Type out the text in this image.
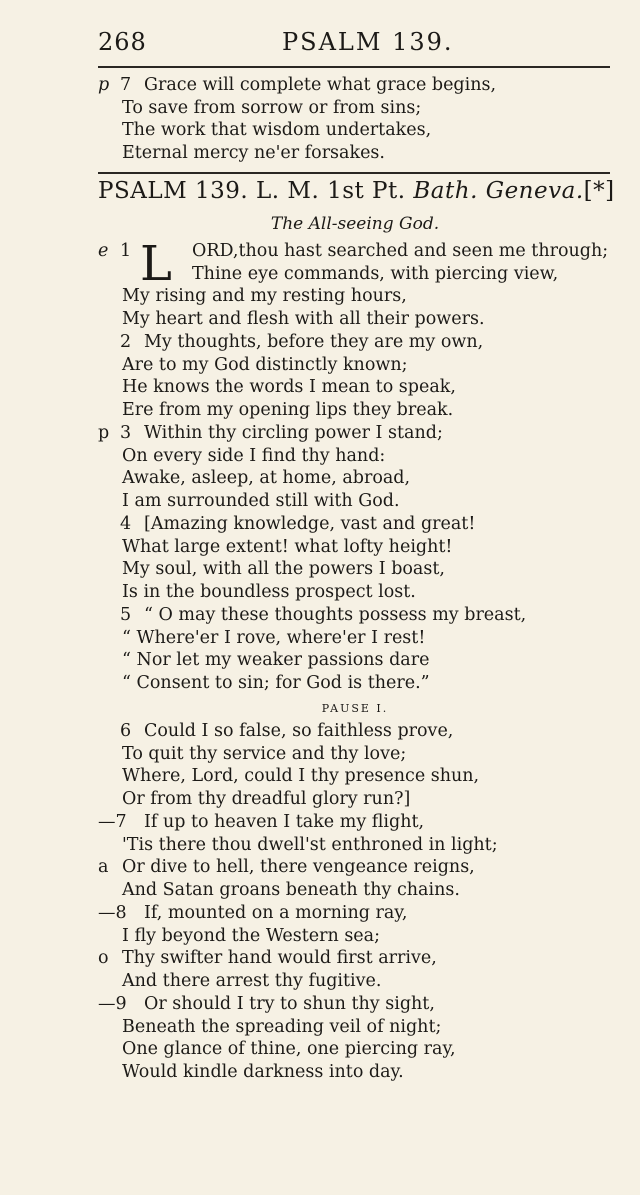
268	PSALM 139.
p 7 Grace will complete what grace begins,
To save from sorrow or from sins;
The work that wisdom undertakes,
Eternal mercy ne'er forsakes.
PSALM 139. L. M. 1st Pt. Bath. Geneva.[*]
The All-seeing God.
e 1	ORD,thou hast searched and seen me through;
Thine eye commands, with piercing view,
My rising and my resting hours,
My heart and flesh with all their powers.
L
2 My thoughts, before they are my own,
Are to my God distinctly known;
He knows the words I mean to speak,
Ere from my opening lips they break.
p 3 Within thy circling power I stand;
On every side I find thy hand:
Awake, asleep, at home, abroad,
I am surrounded still with God.
4 [Amazing knowledge, vast and great!
What large extent! what lofty height!
My soul, with all the powers I boast,
Is in the boundless prospect lost.
5 “ O may these thoughts possess my breast,
“ Where'er I rove, where'er I rest!
“ Nor let my weaker passions dare
“ Consent to sin; for God is there.”
PAUSE I.
6 Could I so false, so faithless prove,
To quit thy service and thy love;
Where, Lord, could I thy presence shun,
Or from thy dreadful glory run?]
—7 If up to heaven I take my flight,
'Tis there thou dwell'st enthroned in light;
a Or dive to hell, there vengeance reigns,
And Satan groans beneath thy chains.
—8 If, mounted on a morning ray,
I fly beyond the Western sea;
o Thy swifter hand would first arrive,
And there arrest thy fugitive.
—9 Or should I try to shun thy sight,
Beneath the spreading veil of night;
One glance of thine, one piercing ray,
Would kindle darkness into day.
